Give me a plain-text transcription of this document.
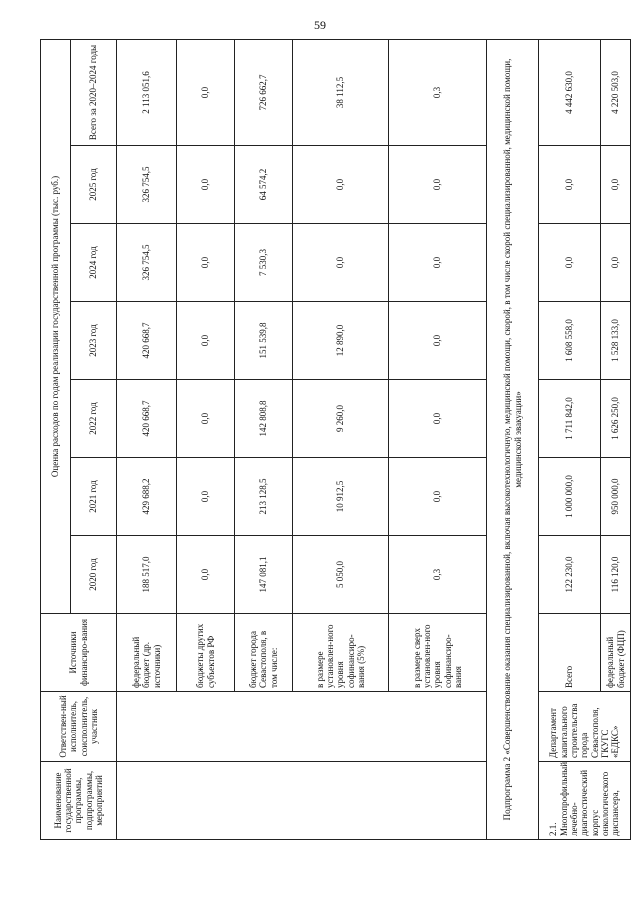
59
Наименование государственной программы, подпрограммы, мероприятий	Ответствен-ный исполнитель, соисполнитель, участник	Источники финансиро-вания	Оценка расходов по годам реализации государственной программы (тыс. руб.)						
			2020 год	2021 год	2022 год	2023 год	2024 год	2025 год	Всего за 2020–2024 годы
		федеральный бюджет (др. источники)	188 517,0	429 688,2	420 668,7	420 668,7	326 754,5	326 754,5	2 113 051,6
		бюджеты других субъектов РФ	0,0	0,0	0,0	0,0	0,0	0,0	0,0
		бюджет города Севастополя, в том числе:	147 081,1	213 128,5	142 808,8	151 539,8	7 530,3	64 574,2	726 662,7
		в размере установлен-ного уровня софинансиро-вания (5%)	5 050,0	10 912,5	9 260,0	12 890,0	0,0	0,0	38 112,5
		в размере сверх установлен-ного уровня софинансиро-вания	0,3	0,0	0,0	0,0	0,0	0,0	0,3
Подпрограмма 2 «Совершенствование оказания специализированной, включая высокотехнологичную, медицинской помощи, скорой, в том числе скорой специализированной, медицинской помощи, медицинской эвакуации»									
2.1. Многопрофильный лечебно-диагностический корпус онкологического диспансера,	Департамент капитального строительства города Севастополя, ГКУГС «ЕДКС»	Всего	122 230,0	1 000 000,0	1 711 842,0	1 608 558,0	0,0	0,0	4 442 630,0
		федеральный бюджет (ФЦП)	116 120,0	950 000,0	1 626 250,0	1 528 133,0	0,0	0,0	4 220 503,0
